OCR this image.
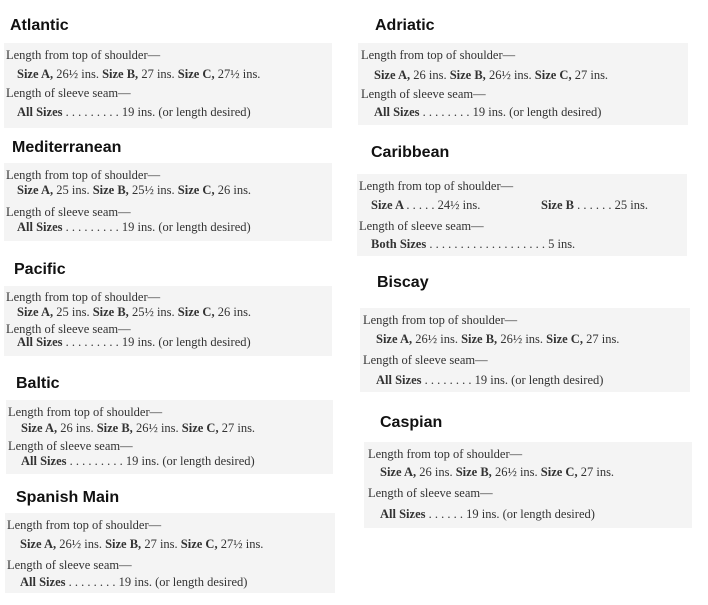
Atlantic
Length from top of shoulder—
Size A, 26½ ins. Size B, 27 ins. Size C, 27½ ins.
Length of sleeve seam—
All Sizes . . . . . . . . . 19 ins. (or length desired)
Mediterranean
Length from top of shoulder—
Size A, 25 ins. Size B, 25½ ins. Size C, 26 ins.
Length of sleeve seam—
All Sizes . . . . . . . . . 19 ins. (or length desired)
Pacific
Length from top of shoulder—
Size A, 25 ins. Size B, 25½ ins. Size C, 26 ins.
Length of sleeve seam—
All Sizes . . . . . . . . . 19 ins. (or length desired)
Baltic
Length from top of shoulder—
Size A, 26 ins. Size B, 26½ ins. Size C, 27 ins.
Length of sleeve seam—
All Sizes . . . . . . . . . 19 ins. (or length desired)
Spanish Main
Length from top of shoulder—
Size A, 26½ ins. Size B, 27 ins. Size C, 27½ ins.
Length of sleeve seam—
All Sizes . . . . . . . . 19 ins. (or length desired)
Adriatic
Length from top of shoulder—
Size A, 26 ins. Size B, 26½ ins. Size C, 27 ins.
Length of sleeve seam—
All Sizes . . . . . . . . 19 ins. (or length desired)
Caribbean
Length from top of shoulder—
Size A . . . . . 24½ ins.	Size B . . . . . . 25 ins.
Length of sleeve seam—
Both Sizes . . . . . . . . . . . . . . . . . . . 5 ins.
Biscay
Length from top of shoulder—
Size A, 26½ ins. Size B, 26½ ins. Size C, 27 ins.
Length of sleeve seam—
All Sizes . . . . . . . . 19 ins. (or length desired)
Caspian
Length from top of shoulder—
Size A, 26 ins. Size B, 26½ ins. Size C, 27 ins.
Length of sleeve seam—
All Sizes . . . . . . 19 ins. (or length desired)
